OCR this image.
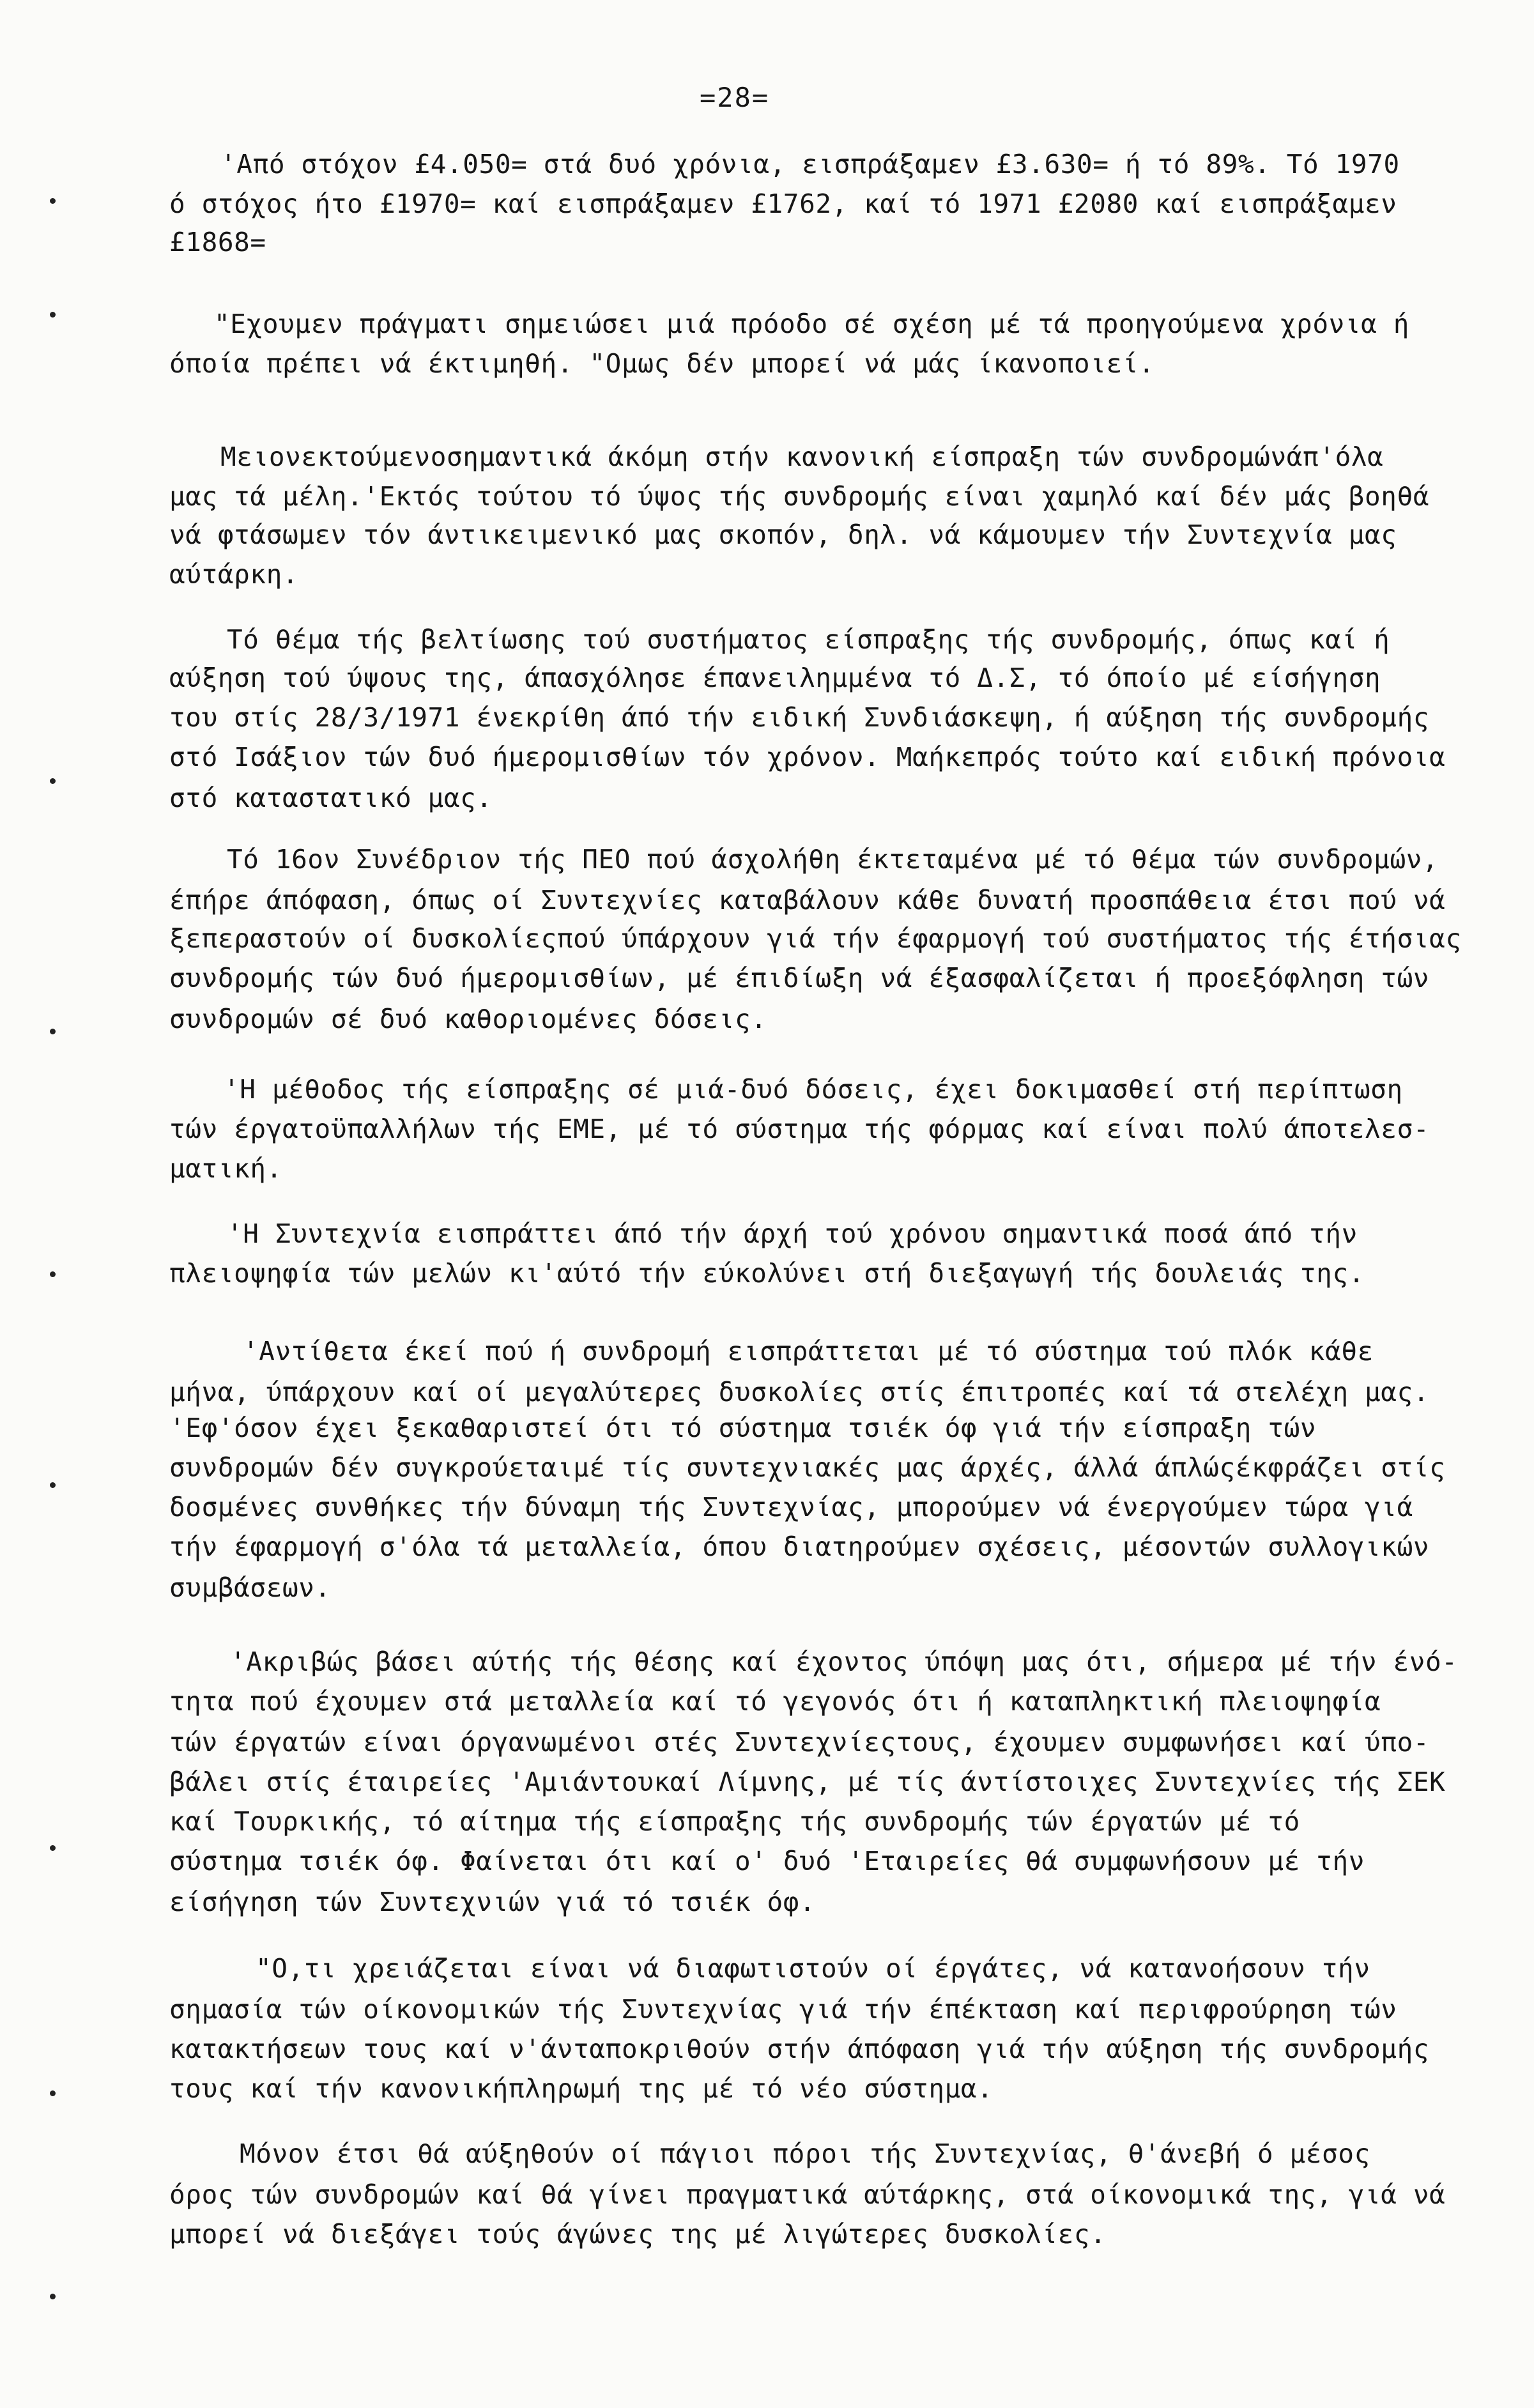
=28=
'Από στόχον £4.050= στά δυό χρόνια, εισπράξαμεν £3.630= ή τό 89%. Τό 1970
ό στόχος ήτο £1970= καί εισπράξαμεν £1762, καί τό 1971 £2080 καί εισπράξαμεν
£1868=
"Εχουμεν πράγματι σημειώσει μιά πρόοδο σέ σχέση μέ τά προηγούμενα χρόνια ή
όποία πρέπει νά έκτιμηθή. "Ομως δέν μπορεί νά μάς ίκανοποιεί.
Μειονεκτούμενοσημαντικά άκόμη στήν κανονική είσπραξη τών συνδρομώνάπ'όλα
μας τά μέλη.'Εκτός τούτου τό ύψος τής συνδρομής είναι χαμηλό καί δέν μάς βοηθά
νά φτάσωμεν τόν άντικειμενικό μας σκοπόν, δηλ. νά κάμουμεν τήν Συντεχνία μας
αύτάρκη.
Τό θέμα τής βελτίωσης τού συστήματος είσπραξης τής συνδρομής, όπως καί ή
αύξηση τού ύψους της, άπασχόλησε έπανειλημμένα τό Δ.Σ, τό όποίο μέ είσήγηση
του στίς 28/3/1971 ένεκρίθη άπό τήν ειδική Συνδιάσκεψη, ή αύξηση τής συνδρομής
στό Ισάξιον τών δυό ήμερομισθίων τόν χρόνον. Μαήκεπρός τούτο καί ειδική πρόνοια
στό καταστατικό μας.
Τό 16ον Συνέδριον τής ΠΕΟ πού άσχολήθη έκτεταμένα μέ τό θέμα τών συνδρομών,
έπήρε άπόφαση, όπως οί Συντεχνίες καταβάλουν κάθε δυνατή προσπάθεια έτσι πού νά
ξεπεραστούν οί δυσκολίεςπού ύπάρχουν γιά τήν έφαρμογή τού συστήματος τής έτήσιας
συνδρομής τών δυό ήμερομισθίων, μέ έπιδίωξη νά έξασφαλίζεται ή προεξόφληση τών
συνδρομών σέ δυό καθοριομένες δόσεις.
'Η μέθοδος τής είσπραξης σέ μιά-δυό δόσεις, έχει δοκιμασθεί στή περίπτωση
τών έργατοϋπαλλήλων τής ΕΜΕ, μέ τό σύστημα τής φόρμας καί είναι πολύ άποτελεσ-
ματική.
'Η Συντεχνία εισπράττει άπό τήν άρχή τού χρόνου σημαντικά ποσά άπό τήν
πλειοψηφία τών μελών κι'αύτό τήν εύκολύνει στή διεξαγωγή τής δουλειάς της.
'Αντίθετα έκεί πού ή συνδρομή εισπράττεται μέ τό σύστημα τού πλόκ κάθε
μήνα, ύπάρχουν καί οί μεγαλύτερες δυσκολίες στίς έπιτροπές καί τά στελέχη μας.
'Εφ'όσον έχει ξεκαθαριστεί ότι τό σύστημα τσιέκ όφ γιά τήν είσπραξη τών
συνδρομών δέν συγκρούεταιμέ τίς συντεχνιακές μας άρχές, άλλά άπλώςέκφράζει στίς
δοσμένες συνθήκες τήν δύναμη τής Συντεχνίας, μπορούμεν νά ένεργούμεν τώρα γιά
τήν έφαρμογή σ'όλα τά μεταλλεία, όπου διατηρούμεν σχέσεις, μέσοντών συλλογικών
συμβάσεων.
'Ακριβώς βάσει αύτής τής θέσης καί έχοντος ύπόψη μας ότι, σήμερα μέ τήν ένό-
τητα πού έχουμεν στά μεταλλεία καί τό γεγονός ότι ή καταπληκτική πλειοψηφία
τών έργατών είναι όργανωμένοι στές Συντεχνίεςτους, έχουμεν συμφωνήσει καί ύπο-
βάλει στίς έταιρείες 'Αμιάντουκαί Λίμνης, μέ τίς άντίστοιχες Συντεχνίες τής ΣΕΚ
καί Τουρκικής, τό αίτημα τής είσπραξης τής συνδρομής τών έργατών μέ τό
σύστημα τσιέκ όφ. Φαίνεται ότι καί ο' δυό 'Εταιρείες θά συμφωνήσουν μέ τήν
είσήγηση τών Συντεχνιών γιά τό τσιέκ όφ.
"Ο,τι χρειάζεται είναι νά διαφωτιστούν οί έργάτες, νά κατανοήσουν τήν
σημασία τών οίκονομικών τής Συντεχνίας γιά τήν έπέκταση καί περιφρούρηση τών
κατακτήσεων τους καί ν'άνταποκριθούν στήν άπόφαση γιά τήν αύξηση τής συνδρομής
τους καί τήν κανονικήπληρωμή της μέ τό νέο σύστημα.
Μόνον έτσι θά αύξηθούν οί πάγιοι πόροι τής Συντεχνίας, θ'άνεβή ό μέσος
όρος τών συνδρομών καί θά γίνει πραγματικά αύτάρκης, στά οίκονομικά της, γιά νά
μπορεί νά διεξάγει τούς άγώνες της μέ λιγώτερες δυσκολίες.
